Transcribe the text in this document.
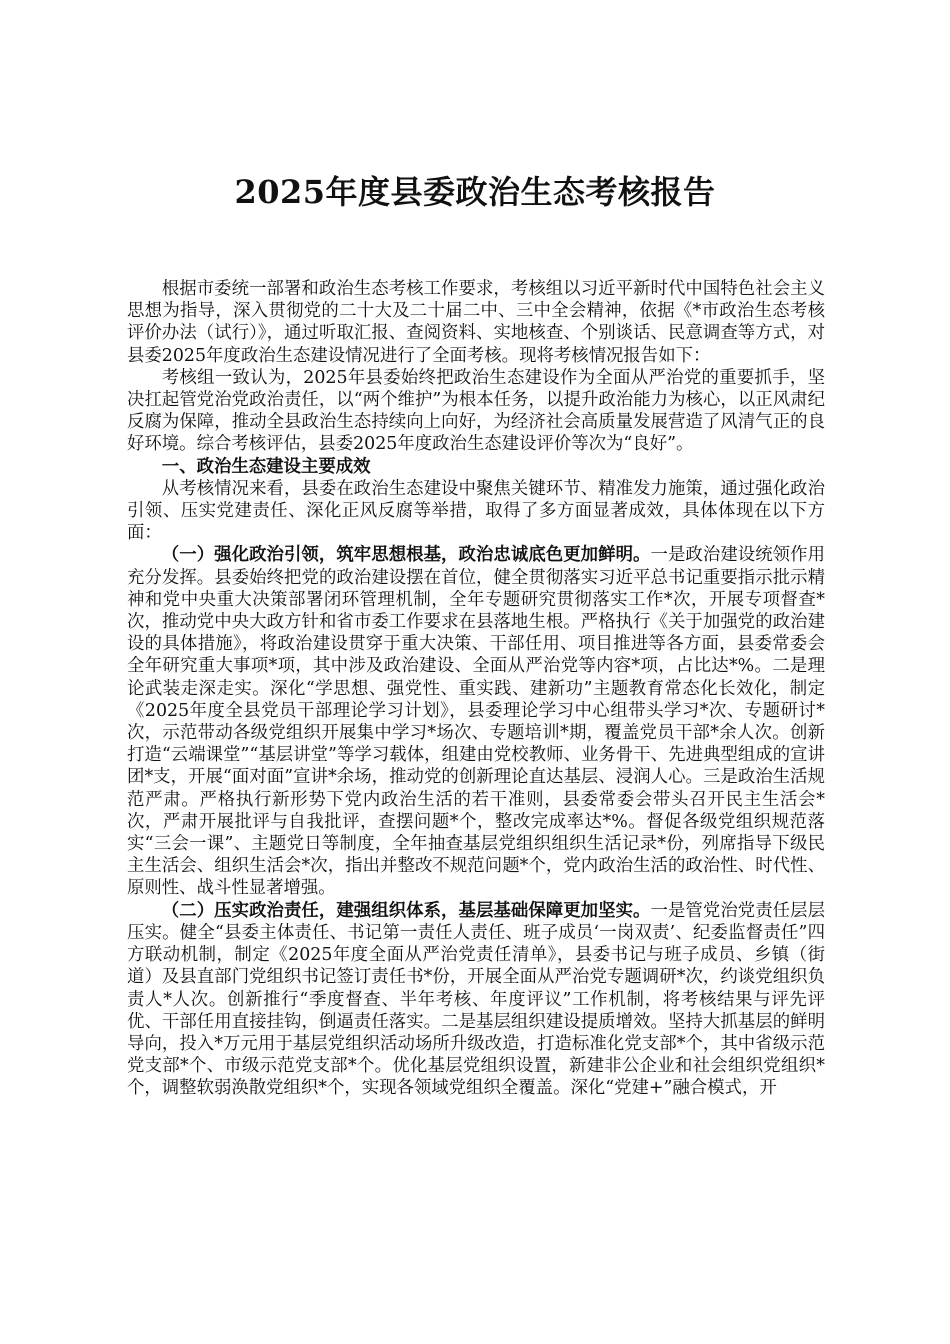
2025年度县委政治生态考核报告

根据市委统一部署和政治生态考核工作要求，考核组以习近平新时代中国特色社会主义思想为指导，深入贯彻党的二十大及二十届二中、三中全会精神，依据《*市政治生态考核评价办法（试行）》，通过听取汇报、查阅资料、实地核查、个别谈话、民意调查等方式，对县委2025年度政治生态建设情况进行了全面考核。现将考核情况报告如下：

考核组一致认为，2025年县委始终把政治生态建设作为全面从严治党的重要抓手，坚决扛起管党治党政治责任，以“两个维护”为根本任务，以提升政治能力为核心，以正风肃纪反腐为保障，推动全县政治生态持续向上向好，为经济社会高质量发展营造了风清气正的良好环境。综合考核评估，县委2025年度政治生态建设评价等次为“良好”。

一、政治生态建设主要成效

从考核情况来看，县委在政治生态建设中聚焦关键环节、精准发力施策，通过强化政治引领、压实党建责任、深化正风反腐等举措，取得了多方面显著成效，具体体现在以下方面：

（一）强化政治引领，筑牢思想根基，政治忠诚底色更加鲜明。一是政治建设统领作用充分发挥。县委始终把党的政治建设摆在首位，健全贯彻落实习近平总书记重要指示批示精神和党中央重大决策部署闭环管理机制，全年专题研究贯彻落实工作*次，开展专项督查*次，推动党中央大政方针和省市委工作要求在县落地生根。严格执行《关于加强党的政治建设的具体措施》，将政治建设贯穿于重大决策、干部任用、项目推进等各方面，县委常委会全年研究重大事项*项，其中涉及政治建设、全面从严治党等内容*项，占比达*%。二是理论武装走深走实。深化“学思想、强党性、重实践、建新功”主题教育常态化长效化，制定《2025年度全县党员干部理论学习计划》，县委理论学习中心组带头学习*次、专题研讨*次，示范带动各级党组织开展集中学习*场次、专题培训*期，覆盖党员干部*余人次。创新打造“云端课堂”“基层讲堂”等学习载体，组建由党校教师、业务骨干、先进典型组成的宣讲团*支，开展“面对面”宣讲*余场，推动党的创新理论直达基层、浸润人心。三是政治生活规范严肃。严格执行新形势下党内政治生活的若干准则，县委常委会带头召开民主生活会*次，严肃开展批评与自我批评，查摆问题*个，整改完成率达*%。督促各级党组织规范落实“三会一课”、主题党日等制度，全年抽查基层党组织组织生活记录*份，列席指导下级民主生活会、组织生活会*次，指出并整改不规范问题*个，党内政治生活的政治性、时代性、原则性、战斗性显著增强。

（二）压实政治责任，建强组织体系，基层基础保障更加坚实。一是管党治党责任层层压实。健全“县委主体责任、书记第一责任人责任、班子成员‘一岗双责’、纪委监督责任”四方联动机制，制定《2025年度全面从严治党责任清单》，县委书记与班子成员、乡镇（街道）及县直部门党组织书记签订责任书*份，开展全面从严治党专题调研*次，约谈党组织负责人*人次。创新推行“季度督查、半年考核、年度评议”工作机制，将考核结果与评先评优、干部任用直接挂钩，倒逼责任落实。二是基层组织建设提质增效。坚持大抓基层的鲜明导向，投入*万元用于基层党组织活动场所升级改造，打造标准化党支部*个，其中省级示范党支部*个、市级示范党支部*个。优化基层党组织设置，新建非公企业和社会组织党组织*个，调整软弱涣散党组织*个，实现各领域党组织全覆盖。深化“党建+”融合模式，开
